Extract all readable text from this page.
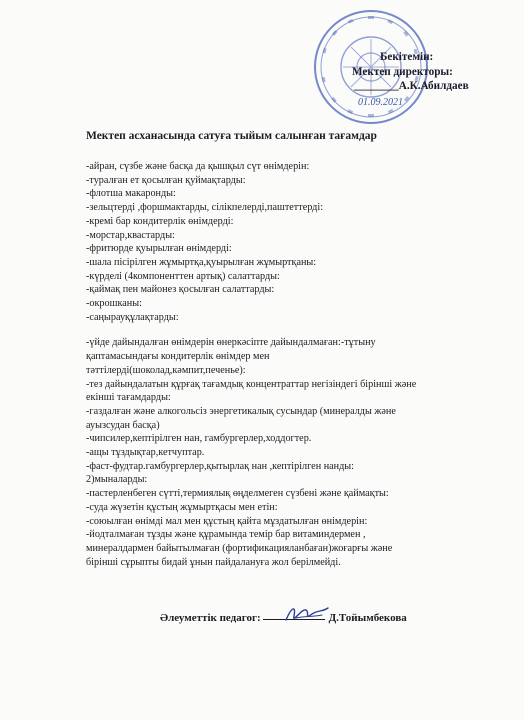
Бекітемін:
Мектеп директоры:
________А.К.Абилдаев
01.09.2021
Мектеп асханасында сатуға тыйым салынған тағамдар
-айран, сүзбе және басқа да қышқыл сүт өнімдерін:
-туралған ет қосылған қуймақтарды:
-флотша макаронды:
-зельцтерді ,форшмактарды, сілікпелерді,паштеттерді:
-кремі бар кондитерлік өнімдерді:
-морстар,квастарды:
-фритюрде қуырылған өнімдерді:
-шала пісірілген жұмыртқа,қуырылған жұмыртқаны:
-күрделі (4компоненттен артық) салаттарды:
-қаймақ пен майонез қосылған салаттарды:
-окрошканы:
-саңырауқұлақтарды:
-үйде дайындалған өнімдерін өнеркәсіпте дайындалмаған:-тұтыну
қаптамасындағы кондитерлік өнімдер мен
тәттілерді(шоколад,кәмпит,печенье):
-тез дайындалатын құрғақ тағамдық концентраттар негізіндегі бірінші және
екінші тағамдарды:
-газдалған және алкогольсіз энергетикалық сусындар (минералды және
ауызсудан басқа)
-чипсилер,кептірілген нан, гамбургерлер,ходдогтер.
-ащы тұздықтар,кетчуптар.
-фаст-фудтар.гамбургерлер,қытырлақ нан ,кептірілген нанды:
2)мыналарды:
-пастерленбеген сүтті,термиялық өңделмеген сүзбені және қаймақты:
-суда жүзетін құстың жұмыртқасы мен етін:
-союылған өнімді мал мен құстың қайта мұздатылған өнімдерін:
-йодталмаған тұзды және құрамында темір бар витаминдермен ,
минералдармен байытылмаған (фортификацияланбаған)жоғарғы және
бірінші сұрыпты бидай ұнын пайдалануға жол берілмейді.
Әлеуметтік педагог:	Д.Тойымбекова
